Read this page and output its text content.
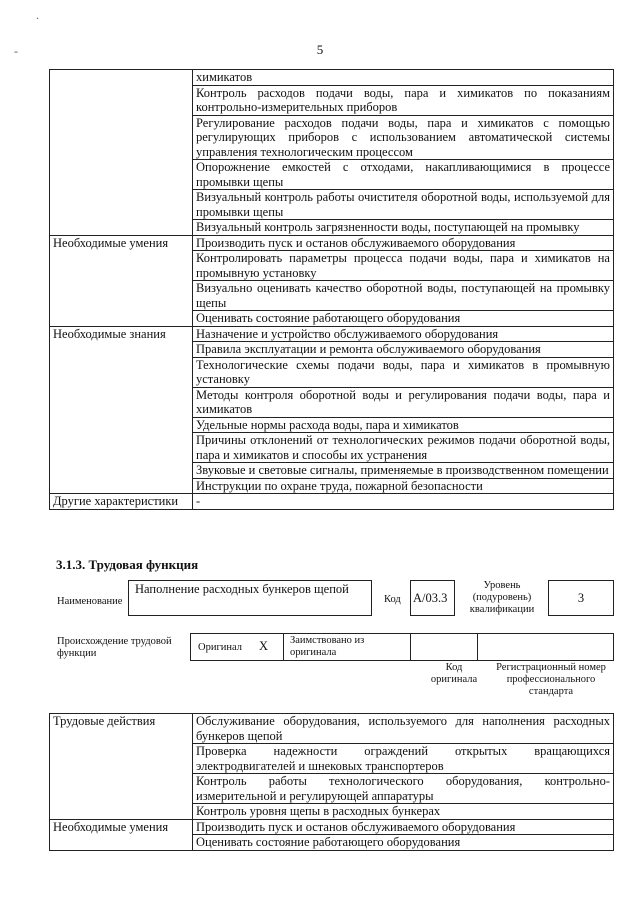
.
-	5
	химикатов
	Контроль расходов подачи воды, пара и химикатов по показаниям контрольно-измерительных приборов
	Регулирование расходов подачи воды, пара и химикатов с помощью регулирующих приборов с использованием автоматической системы управления технологическим процессом
	Опорожнение емкостей с отходами, накапливающимися в процессе промывки щепы
	Визуальный контроль работы очистителя оборотной воды, используемой для промывки щепы
	Визуальный контроль загрязненности воды, поступающей на промывку
Необходимые умения	Производить пуск и останов обслуживаемого оборудования
	Контролировать параметры процесса подачи воды, пара и химикатов на промывную установку
	Визуально оценивать качество оборотной воды, поступающей на промывку щепы
	Оценивать состояние работающего оборудования
Необходимые знания	Назначение и устройство обслуживаемого оборудования
	Правила эксплуатации и ремонта обслуживаемого оборудования
	Технологические схемы подачи воды, пара и химикатов в промывную установку
	Методы контроля оборотной воды и регулирования подачи воды, пара и химикатов
	Удельные нормы расхода воды, пара и химикатов
	Причины отклонений от технологических режимов подачи оборотной воды, пара и химикатов и способы их устранения
	Звуковые и световые сигналы, применяемые в производственном помещении
	Инструкции по охране труда, пожарной безопасности
Другие характеристики	-
3.1.3. Трудовая функция
Наименование
Наполнение расходных бункеров щепой
Код А/03.3
Уровень (подуровень) квалификации
3
Происхождение трудовой функции
Оригинал X Заимствовано из оригинала
Код оригинала
Регистрационный номер профессионального стандарта
Трудовые действия	Обслуживание оборудования, используемого для наполнения расходных бункеров щепой
	Проверка надежности ограждений открытых вращающихся электродвигателей и шнековых транспортеров
	Контроль работы технологического оборудования, контрольно-измерительной и регулирующей аппаратуры
	Контроль уровня щепы в расходных бункерах
Необходимые умения	Производить пуск и останов обслуживаемого оборудования
	Оценивать состояние работающего оборудования
